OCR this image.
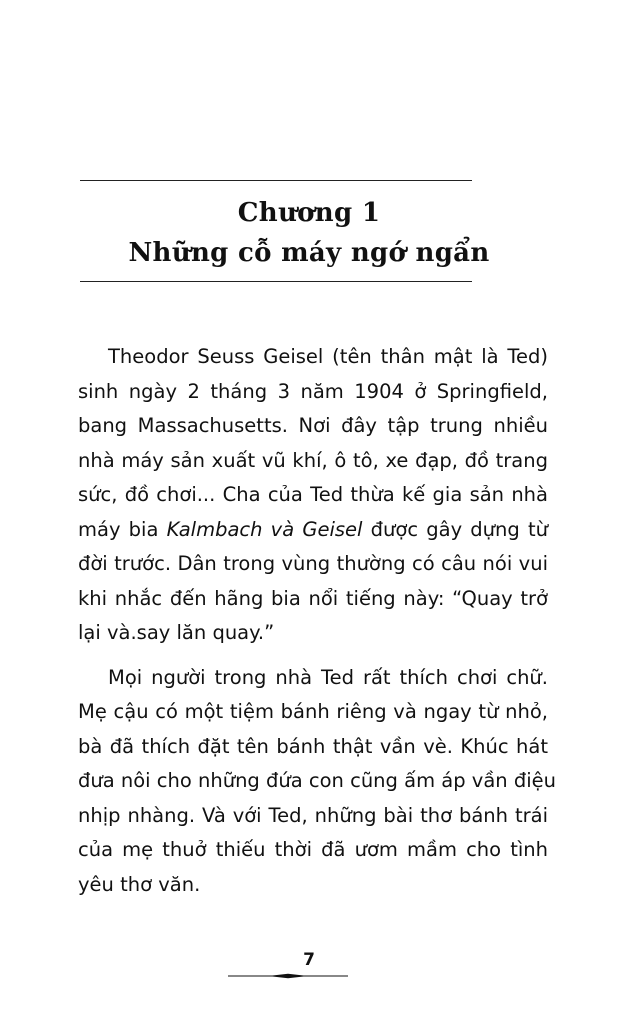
Chương 1
Những cỗ máy ngớ ngẩn

Theodor Seuss Geisel (tên thân mật là Ted)
sinh ngày 2 tháng 3 năm 1904 ở Springfield,
bang Massachusetts. Nơi đây tập trung nhiều
nhà máy sản xuất vũ khí, ô tô, xe đạp, đồ trang
sức, đồ chơi... Cha của Ted thừa kế gia sản nhà
máy bia Kalmbach và Geisel được gây dựng từ
đời trước. Dân trong vùng thường có câu nói vui
khi nhắc đến hãng bia nổi tiếng này: “Quay trở
lại và.say lăn quay.”

Mọi người trong nhà Ted rất thích chơi chữ.
Mẹ cậu có một tiệm bánh riêng và ngay từ nhỏ,
bà đã thích đặt tên bánh thật vần vè. Khúc hát
đưa nôi cho những đứa con cũng ấm áp vần điệu
nhịp nhàng. Và với Ted, những bài thơ bánh trái
của mẹ thuở thiếu thời đã ươm mầm cho tình
yêu thơ văn.

7
